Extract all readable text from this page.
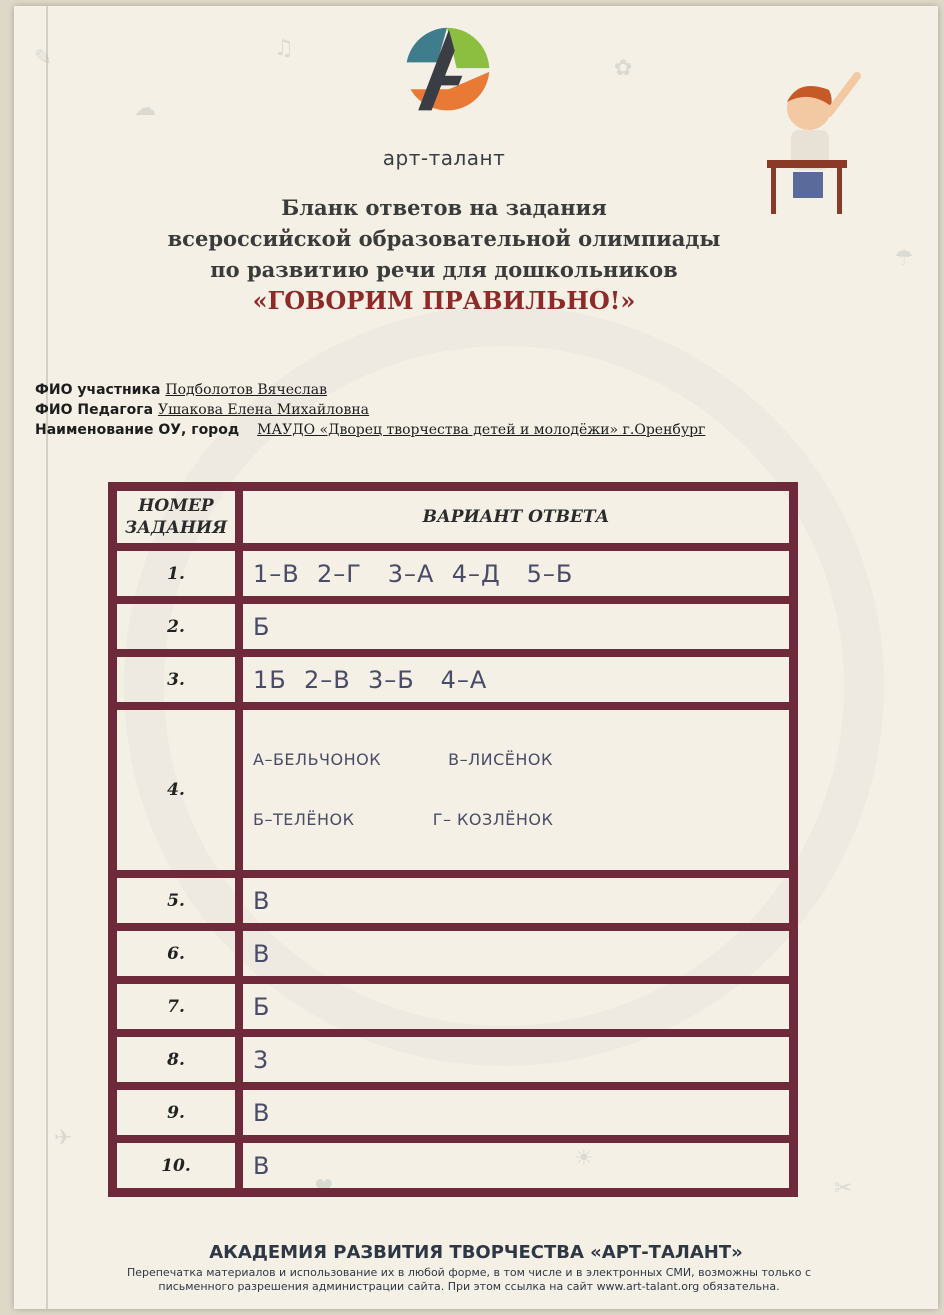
✎
☁
♫
✿
☂
✈
♥
☀
✂
арт-талант
Бланк ответов на задания
всероссийской образовательной олимпиады
по развитию речи для дошкольников
«ГОВОРИМ ПРАВИЛЬНО!»
ФИО участника Подболотов Вячеслав
ФИО Педагога Ушакова Елена Михайловна
Наименование ОУ, город МАУДО «Дворец творчества детей и молодёжи» г.Оренбург
НОМЕР ЗАДАНИЯ	ВАРИАНТ ОТВЕТА
1.	1–В  2–Г   3–А  4–Д   5–Б
2.	Б
3.	1Б  2–В  3–Б   4–А
4.	А–БЕЛЬЧОНОК            В–ЛИСЁНОК

Б–ТЕЛЁНОК              Г– КОЗЛЁНОК

5.	В
6.	В
7.	Б
8.	3
9.	В
10.	В
АКАДЕМИЯ РАЗВИТИЯ ТВОРЧЕСТВА «АРТ-ТАЛАНТ»
Перепечатка материалов и использование их в любой форме, в том числе и в электронных СМИ, возможны только с
письменного разрешения администрации сайта. При этом ссылка на сайт www.art-talant.org обязательна.
